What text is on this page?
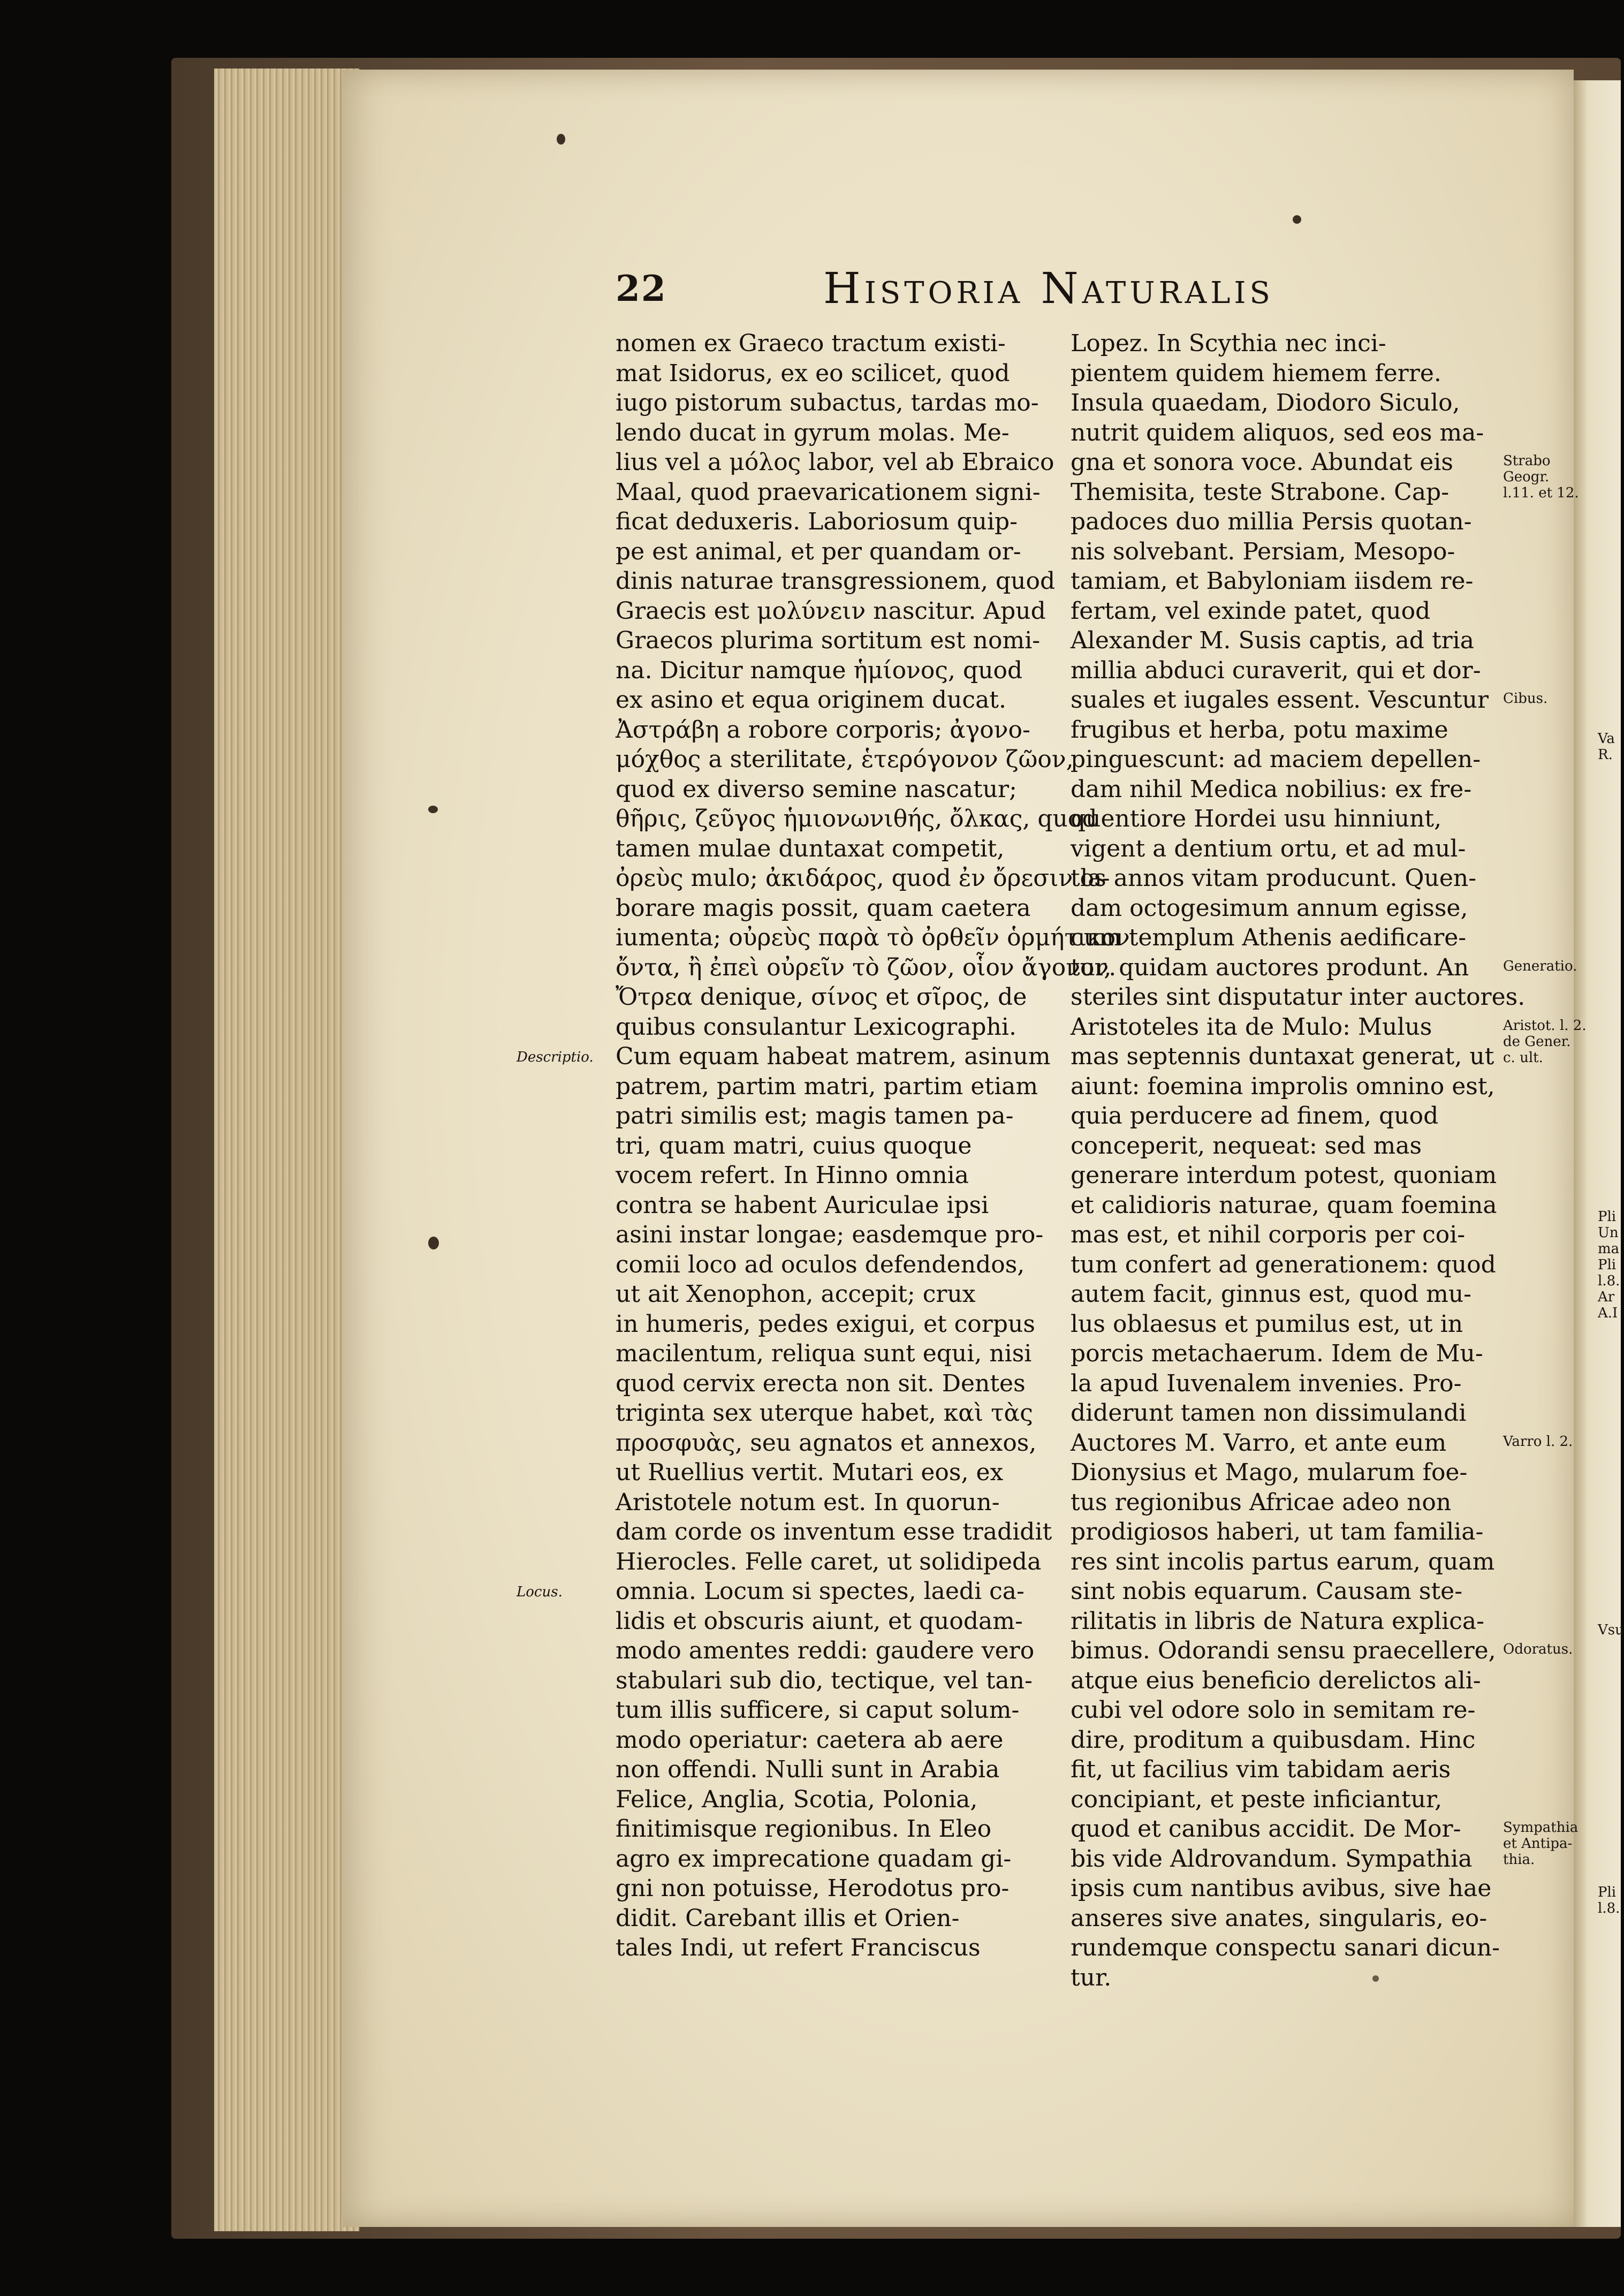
22	Historia Naturalis
nomen ex Graeco tractum existi-
mat Isidorus, ex eo scilicet, quod
iugo pistorum subactus, tardas mo-
lendo ducat in gyrum molas. Me-
lius vel a μόλος labor, vel ab Ebraico
Maal, quod praevaricationem signi-
ficat deduxeris. Laboriosum quip-
pe est animal, et per quandam or-
dinis naturae transgressionem, quod
Graecis est μολύνειν nascitur. Apud
Graecos plurima sortitum est nomi-
na. Dicitur namque ἡμίονος, quod
ex asino et equa originem ducat.
Ἀστράβη a robore corporis; ἀγονο-
μόχθος a sterilitate, ἑτερόγονον ζῶον,
quod ex diverso semine nascatur;
θῆρις, ζεῦγος ἡμιονωνιθής, ὄλκας, quod
tamen mulae duntaxat competit,
ὀρεὺς mulo; ἀκιδάρος, quod ἐν ὄρεσιν la-
borare magis possit, quam caetera
iumenta; οὐρεὺς παρὰ τὸ ὀρθεῖν ὁρμήτικον
ὄντα, ἢ ἐπεὶ οὐρεῖν τὸ ζῶον, οἷον ἄγονον.
Ὄτρεα denique, σίνος et σῖρος, de
quibus consulantur Lexicographi.
Cum equam habeat matrem, asinum
patrem, partim matri, partim etiam
patri similis est; magis tamen pa-
tri, quam matri, cuius quoque
vocem refert. In Hinno omnia
contra se habent Auriculae ipsi
asini instar longae; easdemque pro-
comii loco ad oculos defendendos,
ut ait Xenophon, accepit; crux
in humeris, pedes exigui, et corpus
macilentum, reliqua sunt equi, nisi
quod cervix erecta non sit. Dentes
triginta sex uterque habet, καὶ τὰς
προσφυὰς, seu agnatos et annexos,
ut Ruellius vertit. Mutari eos, ex
Aristotele notum est. In quorun-
dam corde os inventum esse tradidit
Hierocles. Felle caret, ut solidipeda
omnia. Locum si spectes, laedi ca-
lidis et obscuris aiunt, et quodam-
modo amentes reddi: gaudere vero
stabulari sub dio, tectique, vel tan-
tum illis sufficere, si caput solum-
modo operiatur: caetera ab aere
non offendi. Nulli sunt in Arabia
Felice, Anglia, Scotia, Polonia,
finitimisque regionibus. In Eleo
agro ex imprecatione quadam gi-
gni non potuisse, Herodotus pro-
didit. Carebant illis et Orien-
tales Indi, ut refert Franciscus
Lopez. In Scythia nec inci-
pientem quidem hiemem ferre.
Insula quaedam, Diodoro Siculo,
nutrit quidem aliquos, sed eos ma-
gna et sonora voce. Abundat eis
Themisita, teste Strabone. Cap-
padoces duo millia Persis quotan-
nis solvebant. Persiam, Mesopo-
tamiam, et Babyloniam iisdem re-
fertam, vel exinde patet, quod
Alexander M. Susis captis, ad tria
millia abduci curaverit, qui et dor-
suales et iugales essent. Vescuntur
frugibus et herba, potu maxime
pinguescunt: ad maciem depellen-
dam nihil Medica nobilius: ex fre-
quentiore Hordei usu hinniunt,
vigent a dentium ortu, et ad mul-
tos annos vitam producunt. Quen-
dam octogesimum annum egisse,
cum templum Athenis aedificare-
tur, quidam auctores produnt. An
steriles sint disputatur inter auctores.
Aristoteles ita de Mulo: Mulus
mas septennis duntaxat generat, ut
aiunt: foemina improlis omnino est,
quia perducere ad finem, quod
conceperit, nequeat: sed mas
generare interdum potest, quoniam
et calidioris naturae, quam foemina
mas est, et nihil corporis per coi-
tum confert ad generationem: quod
autem facit, ginnus est, quod mu-
lus oblaesus et pumilus est, ut in
porcis metachaerum. Idem de Mu-
la apud Iuvenalem invenies. Pro-
diderunt tamen non dissimulandi
Auctores M. Varro, et ante eum
Dionysius et Mago, mularum foe-
tus regionibus Africae adeo non
prodigiosos haberi, ut tam familia-
res sint incolis partus earum, quam
sint nobis equarum. Causam ste-
rilitatis in libris de Natura explica-
bimus. Odorandi sensu praecellere,
atque eius beneficio derelictos ali-
cubi vel odore solo in semitam re-
dire, proditum a quibusdam. Hinc
fit, ut facilius vim tabidam aeris
concipiant, et peste inficiantur,
quod et canibus accidit. De Mor-
bis vide Aldrovandum. Sympathia
ipsis cum nantibus avibus, sive hae
anseres sive anates, singularis, eo-
rundemque conspectu sanari dicun-
tur.
Descriptio.
Locus.
Strabo
Geogr.
l.11. et 12.
Cibus.
Generatio.
Aristot. l. 2.
de Gener.
c. ult.
Varro l. 2.
Odoratus.
Sympathia
et Antipa-
thia.
Va
R.
Pli
Un
ma
Pli
l.8.
Ar
A.I
Vsu
Pli
l.8.
